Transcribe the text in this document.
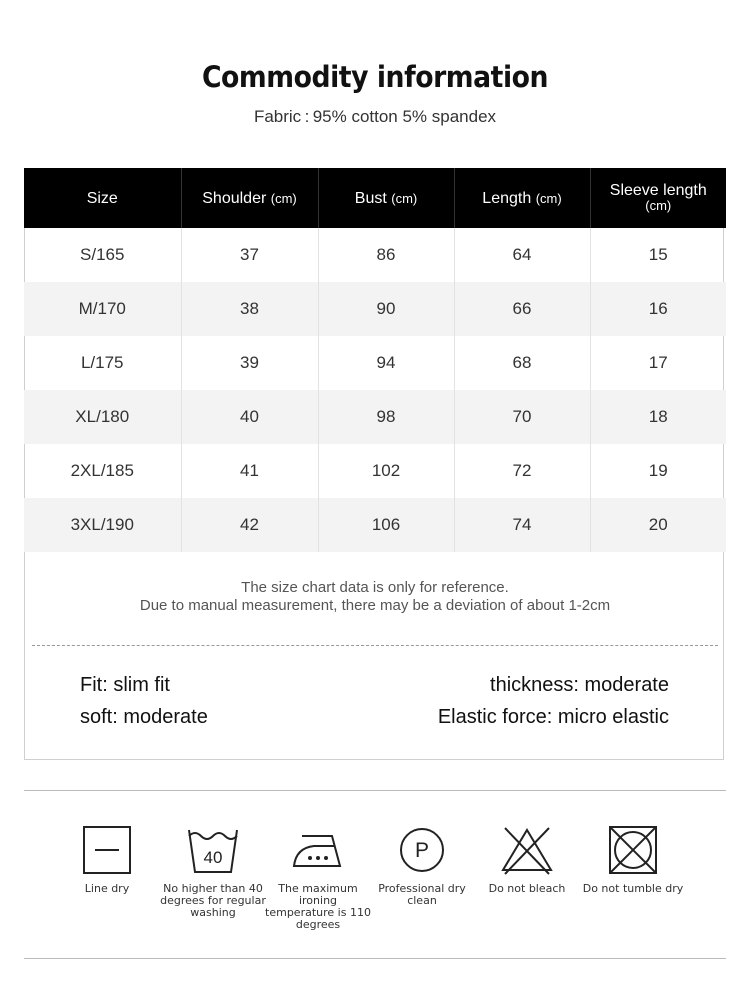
Commodity information
Fabric : 95% cotton 5% spandex
Size	Shoulder (cm)	Bust (cm)	Length (cm)	Sleeve length
(cm)
S/165	37	86	64	15
M/170	38	90	66	16
L/175	39	94	68	17
XL/180	40	98	70	18
2XL/185	41	102	72	19
3XL/190	42	106	74	20
The size chart data is only for reference.
Due to manual measurement, there may be a deviation of about 1-2cm
Fit: slim fit	thickness: moderate
soft: moderate	Elastic force: micro elastic
Line dry
40
No higher than 40 degrees for regular washing
The maximum ironing temperature is 110 degrees
P
Professional dry clean
Do not bleach	Do not tumble dry
